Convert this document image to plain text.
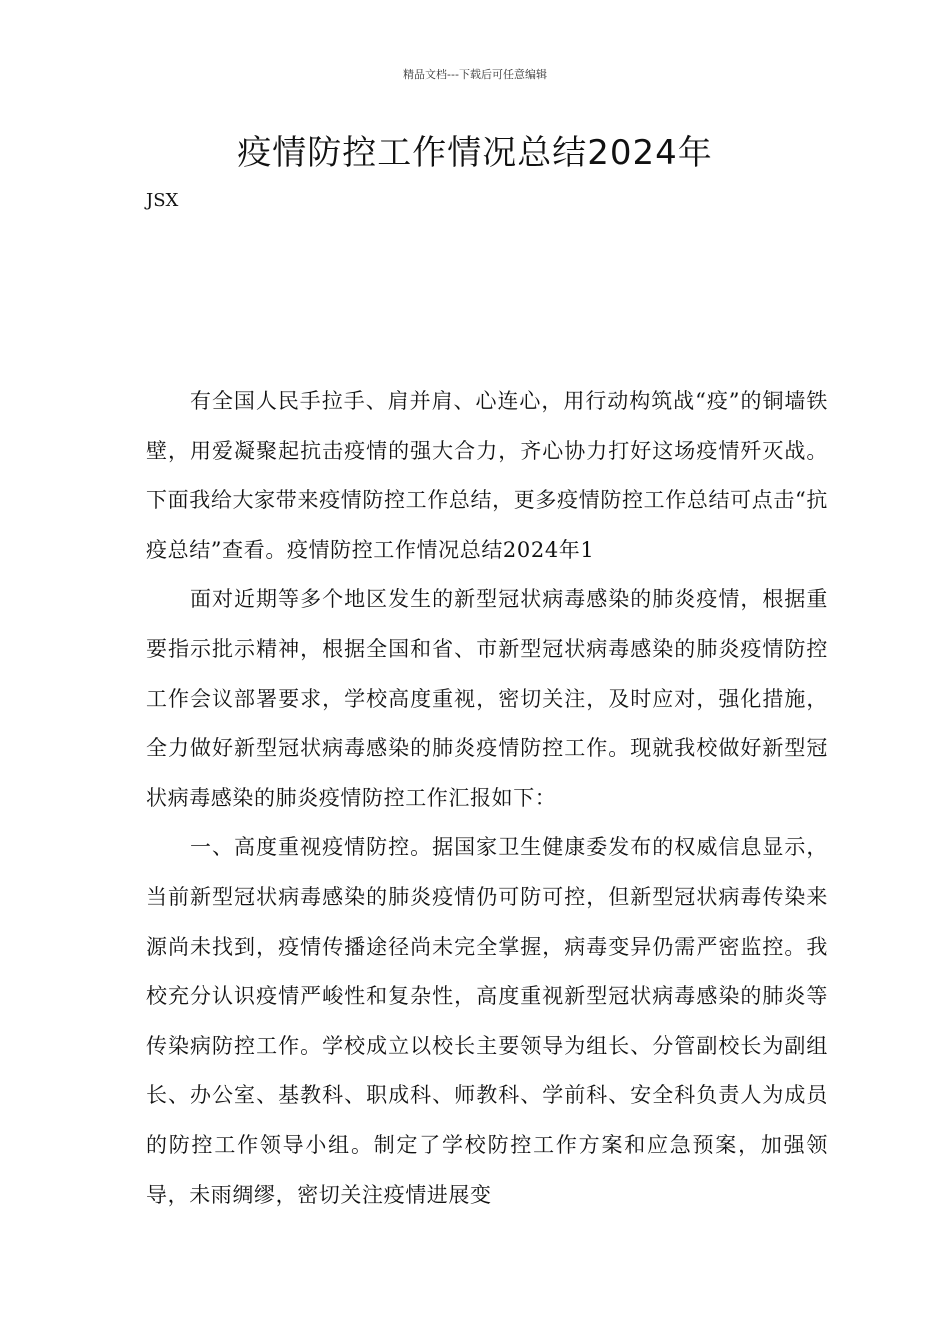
精品文档---下载后可任意编辑
疫情防控工作情况总结2024年
JSX

有全国人民手拉手、肩并肩、心连心，用行动构筑战“疫”的铜墙铁壁，用爱凝聚起抗击疫情的强大合力，齐心协力打好这场疫情歼灭战。下面我给大家带来疫情防控工作总结，更多疫情防控工作总结可点击“抗疫总结”查看。疫情防控工作情况总结2024年1

面对近期等多个地区发生的新型冠状病毒感染的肺炎疫情，根据重要指示批示精神，根据全国和省、市新型冠状病毒感染的肺炎疫情防控工作会议部署要求，学校高度重视，密切关注，及时应对，强化措施，全力做好新型冠状病毒感染的肺炎疫情防控工作。现就我校做好新型冠状病毒感染的肺炎疫情防控工作汇报如下：

一、高度重视疫情防控。据国家卫生健康委发布的权威信息显示，当前新型冠状病毒感染的肺炎疫情仍可防可控，但新型冠状病毒传染来源尚未找到，疫情传播途径尚未完全掌握，病毒变异仍需严密监控。我校充分认识疫情严峻性和复杂性，高度重视新型冠状病毒感染的肺炎等传染病防控工作。学校成立以校长主要领导为组长、分管副校长为副组长、办公室、基教科、职成科、师教科、学前科、安全科负责人为成员的防控工作领导小组。制定了学校防控工作方案和应急预案，加强领导，未雨绸缪，密切关注疫情进展变
